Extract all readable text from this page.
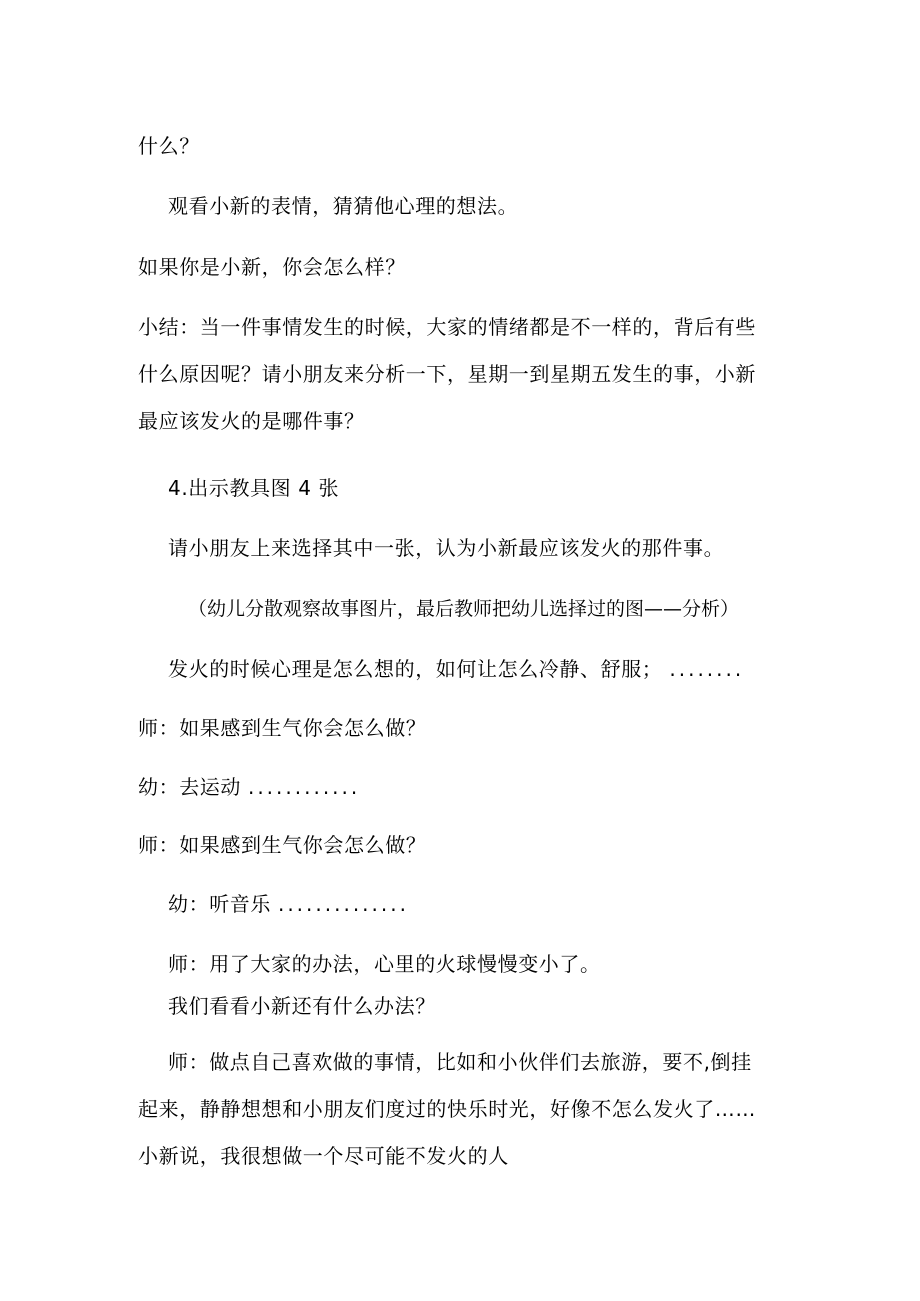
什么？
观看小新的表情，猜猜他心理的想法。
如果你是小新，你会怎么样？
小结：当一件事情发生的时候，大家的情绪都是不一样的，背后有些
什么原因呢？请小朋友来分析一下，星期一到星期五发生的事，小新
最应该发火的是哪件事？
4.出示教具图 4 张
请小朋友上来选择其中一张，认为小新最应该发火的那件事。
（幼儿分散观察故事图片，最后教师把幼儿选择过的图——分析）
发火的时候心理是怎么想的，如何让怎么冷静、舒服； ........
师：如果感到生气你会怎么做？
幼：去运动 ............
师：如果感到生气你会怎么做？
幼：听音乐 ..............
师：用了大家的办法，心里的火球慢慢变小了。
我们看看小新还有什么办法？
师：做点自己喜欢做的事情，比如和小伙伴们去旅游，要不,倒挂
起来，静静想想和小朋友们度过的快乐时光，好像不怎么发火了……
小新说，我很想做一个尽可能不发火的人
